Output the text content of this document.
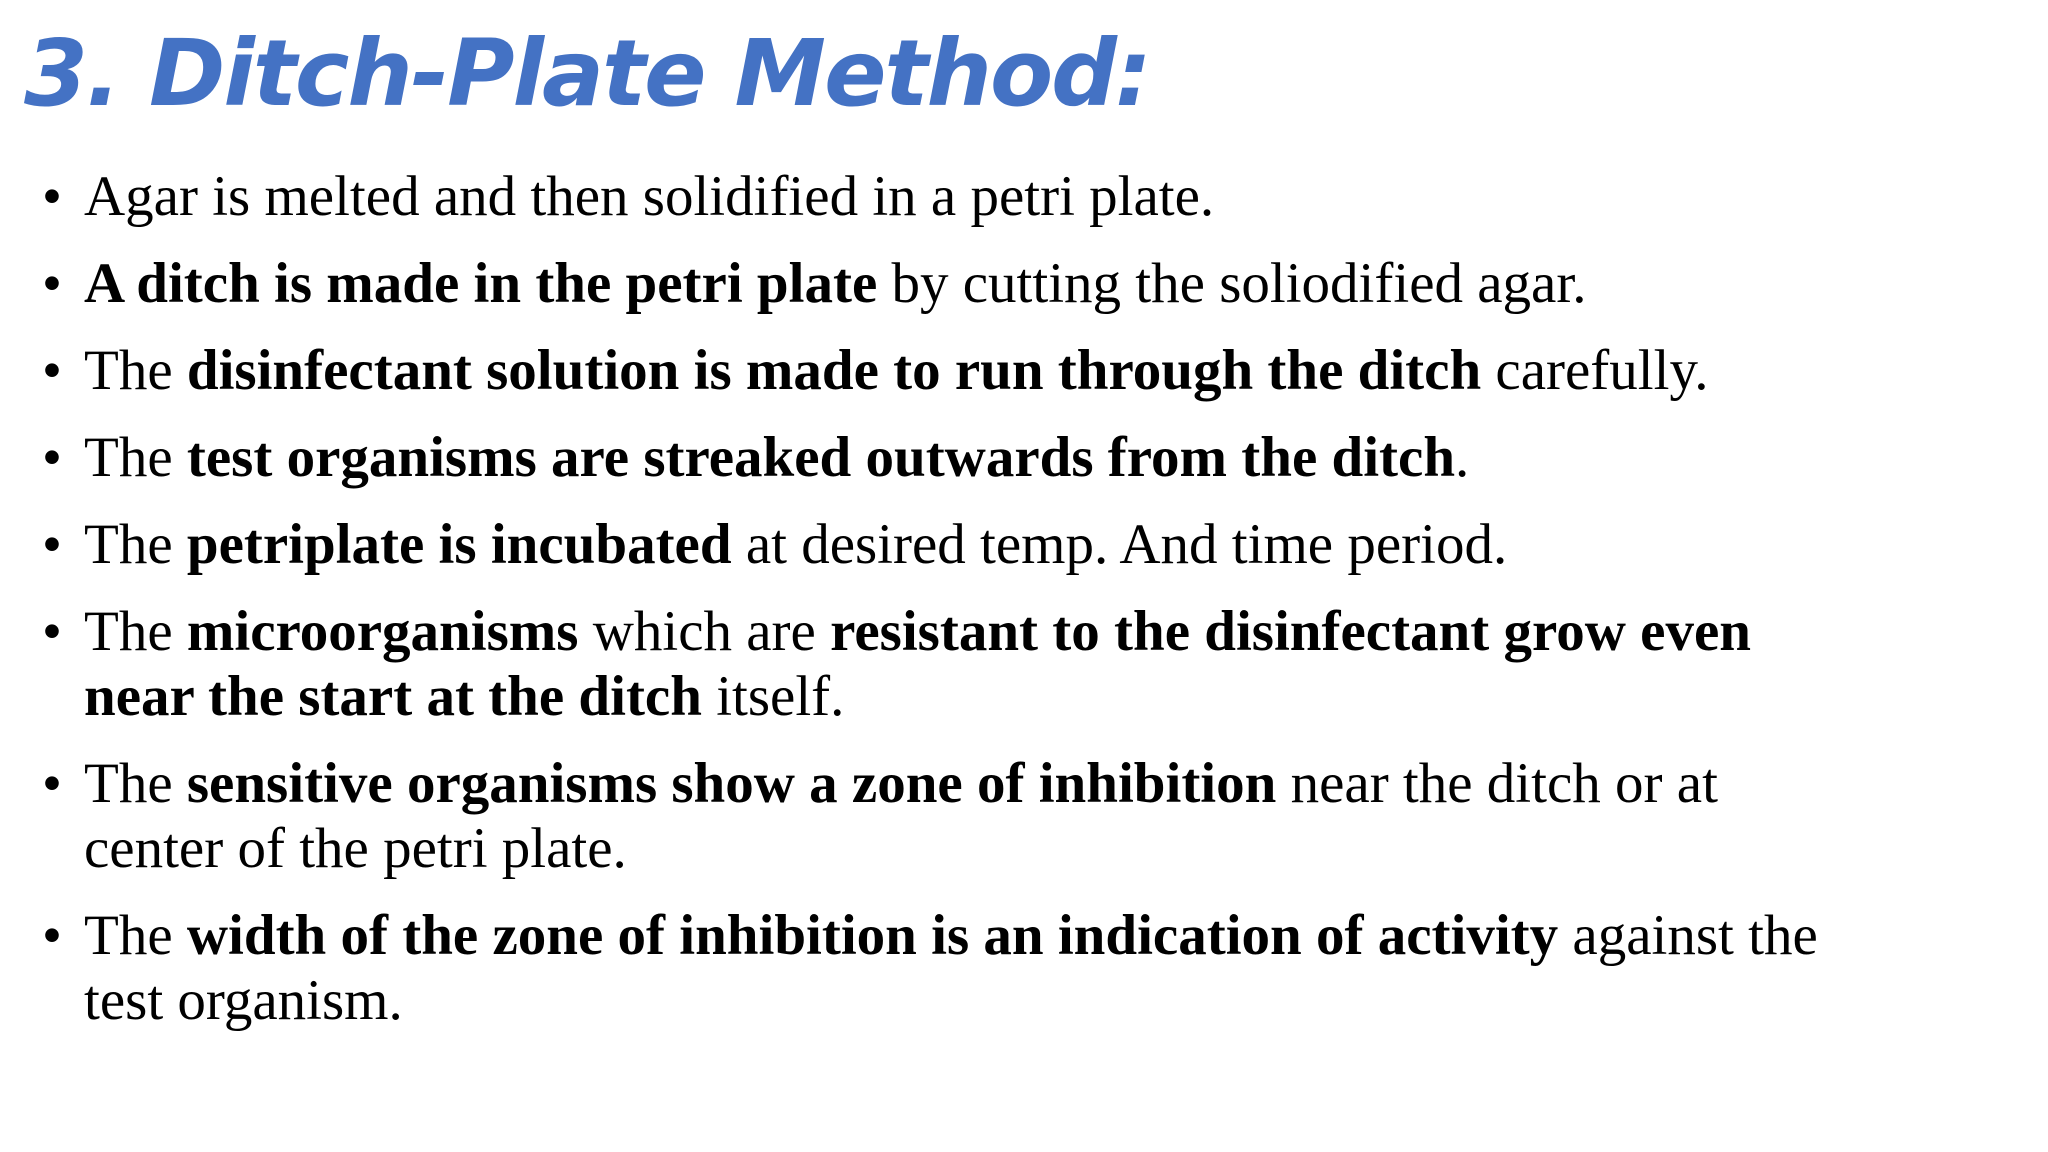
3. Ditch-Plate Method:
• Agar is melted and then solidified in a petri plate.
• A ditch is made in the petri plate by cutting the soliodified agar.
• The disinfectant solution is made to run through the ditch carefully.
• The test organisms are streaked outwards from the ditch.
• The petriplate is incubated at desired temp. And time period.
• The microorganisms which are resistant to the disinfectant grow even near the start at the ditch itself.
• The sensitive organisms show a zone of inhibition near the ditch or at center of the petri plate.
• The width of the zone of inhibition is an indication of activity against the test organism.
